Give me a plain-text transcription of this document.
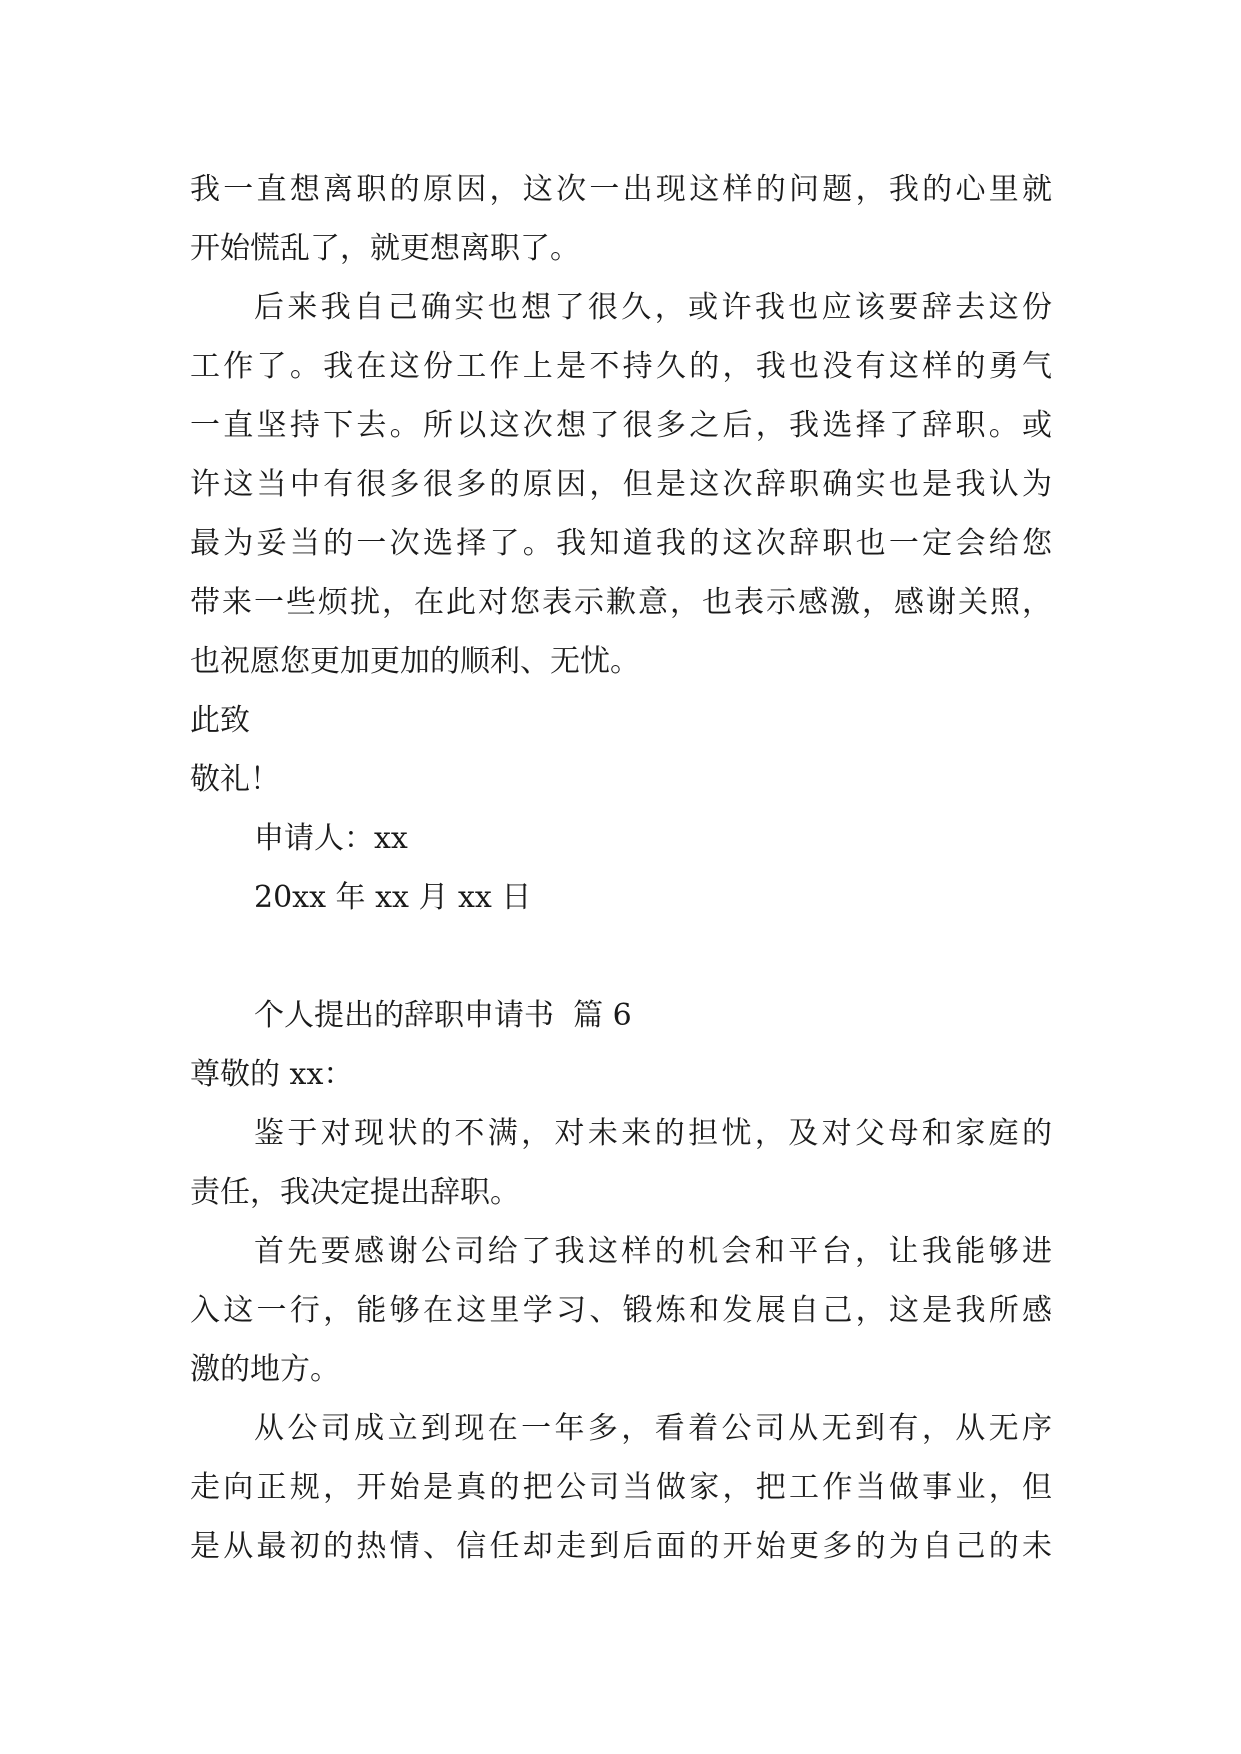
我一直想离职的原因，这次一出现这样的问题，我的心里就
开始慌乱了，就更想离职了。
后来我自己确实也想了很久，或许我也应该要辞去这份
工作了。我在这份工作上是不持久的，我也没有这样的勇气
一直坚持下去。所以这次想了很多之后，我选择了辞职。或
许这当中有很多很多的原因，但是这次辞职确实也是我认为
最为妥当的一次选择了。我知道我的这次辞职也一定会给您
带来一些烦扰，在此对您表示歉意，也表示感激，感谢关照，
也祝愿您更加更加的顺利、无忧。
此致
敬礼！
申请人：xx
20xx 年 xx 月 xx 日
个人提出的辞职申请书  篇 6
尊敬的 xx：
鉴于对现状的不满，对未来的担忧，及对父母和家庭的
责任，我决定提出辞职。
首先要感谢公司给了我这样的机会和平台，让我能够进
入这一行，能够在这里学习、锻炼和发展自己，这是我所感
激的地方。
从公司成立到现在一年多，看着公司从无到有，从无序
走向正规，开始是真的把公司当做家，把工作当做事业，但
是从最初的热情、信任却走到后面的开始更多的为自己的未
